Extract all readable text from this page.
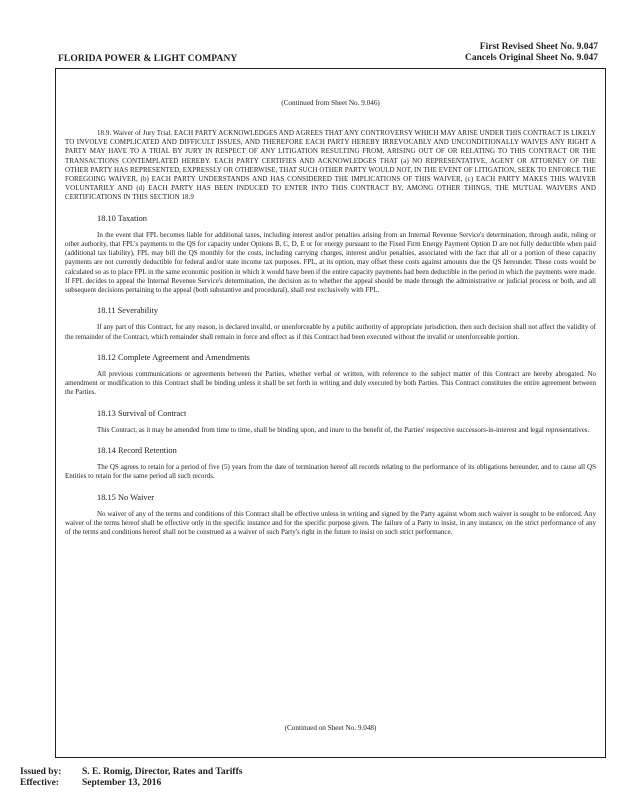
First Revised Sheet No. 9.047
Cancels Original Sheet No. 9.047
FLORIDA POWER & LIGHT COMPANY
(Continued from Sheet No. 9.046)

18.9. Waiver of Jury Trial. EACH PARTY ACKNOWLEDGES AND AGREES THAT ANY CONTROVERSY WHICH MAY ARISE UNDER THIS CONTRACT IS LIKELY TO INVOLVE COMPLICATED AND DIFFICULT ISSUES, AND THEREFORE EACH PARTY HEREBY IRREVOCABLY AND UNCONDITIONALLY WAIVES ANY RIGHT A PARTY MAY HAVE TO A TRIAL BY JURY IN RESPECT OF ANY LITIGATION RESULTING FROM, ARISING OUT OF OR RELATING TO THIS CONTRACT OR THE TRANSACTIONS CONTEMPLATED HEREBY. EACH PARTY CERTIFIES AND ACKNOWLEDGES THAT (a) NO REPRESENTATIVE, AGENT OR ATTORNEY OF THE OTHER PARTY HAS REPRESENTED, EXPRESSLY OR OTHERWISE, THAT SUCH OTHER PARTY WOULD NOT, IN THE EVENT OF LITIGATION, SEEK TO ENFORCE THE FOREGOING WAIVER, (b) EACH PARTY UNDERSTANDS AND HAS CONSIDERED THE IMPLICATIONS OF THIS WAIVER, (c) EACH PARTY MAKES THIS WAIVER VOLUNTARILY AND (d) EACH PARTY HAS BEEN INDUCED TO ENTER INTO THIS CONTRACT BY, AMONG OTHER THINGS, THE MUTUAL WAIVERS AND CERTIFICATIONS IN THIS SECTION 18.9

18.10 Taxation

In the event that FPL becomes liable for additional taxes, including interest and/or penalties arising from an Internal Revenue Service's determination, through audit, ruling or other authority, that FPL's payments to the QS for capacity under Options B, C, D, E or for energy pursuant to the Fixed Firm Energy Payment Option D are not fully deductible when paid (additional tax liability), FPL may bill the QS monthly for the costs, including carrying charges, interest and/or penalties, associated with the fact that all or a portion of these capacity payments are not currently deductible for federal and/or state income tax purposes. FPL, at its option, may offset these costs against amounts due the QS hereunder. These costs would be calculated so as to place FPL in the same economic position in which it would have been if the entire capacity payments had been deductible in the period in which the payments were made. If FPL decides to appeal the Internal Revenue Service's determination, the decision as to whether the appeal should be made through the administrative or judicial process or both, and all subsequent decisions pertaining to the appeal (both substantive and procedural), shall rest exclusively with FPL.

18.11 Severability

If any part of this Contract, for any reason, is declared invalid, or unenforceable by a public authority of appropriate jurisdiction, then such decision shall not affect the validity of the remainder of the Contract, which remainder shall remain in force and effect as if this Contract had been executed without the invalid or unenforceable portion.

18.12 Complete Agreement and Amendments

All previous communications or agreements between the Parties, whether verbal or written, with reference to the subject matter of this Contract are hereby abrogated. No amendment or modification to this Contract shall be binding unless it shall be set forth in writing and duly executed by both Parties. This Contract constitutes the entire agreement between the Parties.

18.13 Survival of Contract

This Contract, as it may be amended from time to time, shall be binding upon, and inure to the benefit of, the Parties' respective successors-in-interest and legal representatives.

18.14 Record Retention

The QS agrees to retain for a period of five (5) years from the date of termination hereof all records relating to the performance of its obligations hereunder, and to cause all QS Entities to retain for the same period all such records.

18.15 No Waiver

No waiver of any of the terms and conditions of this Contract shall be effective unless in writing and signed by the Party against whom such waiver is sought to be enforced. Any waiver of the terms hereof shall be effective only in the specific instance and for the specific purpose given. The failure of a Party to insist, in any instance, on the strict performance of any of the terms and conditions hereof shall not be construed as a waiver of such Party's right in the future to insist on such strict performance.

(Continued on Sheet No. 9.048)
Issued by: S. E. Romig, Director, Rates and Tariffs
Effective: September 13, 2016
